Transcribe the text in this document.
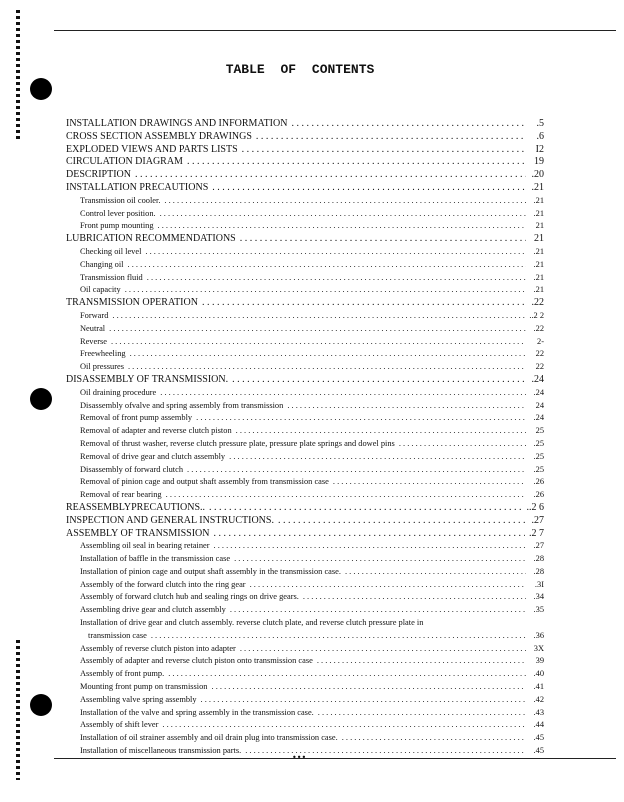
TABLE OF CONTENTS
INSTALLATION DRAWINGS AND INFORMATION . . .	.5
CROSS SECTION ASSEMBLY DRAWINGS . . .	.6
EXPLODED VIEWS AND PARTS LISTS . . .	I2
CIRCULATION DIAGRAM . . .	19
DESCRIPTION . . .	.20
INSTALLATION PRECAUTIONS . . .	.21
Transmission oil cooler. . . .	.21
Control lever position. . . .	.21
Front pump mounting . . .	21
LUBRICATION RECOMMENDATIONS . . .	21
Checking oil level . . .	.21
Changing oil . . .	.21
Transmission fluid . . .	.21
Oil capacity . . .	.21
TRANSMISSION OPERATION . . .	.22
Forward . . .	..2 2
Neutral . . .	.22
Reverse . . .	2-
Freewheeling . . .	22
Oil pressures . . .	22
DISASSEMBLY OF TRANSMISSION. . . .	.24
Oil draining procedure . . .	.24
Disassembly ofvalve and spring assembly from transmission . . .	24
Removal of front pump assembly . . .	.24
Removal of adapter and reverse clutch piston . . .	25
Removal of thrust washer, reverse clutch pressure plate, pressure plate springs and dowel pins . . .	.25
Removal of drive gear and clutch assembly . . .	.25
Disassembly of forward clutch . . .	.25
Removal of pinion cage and output shaft assembly from transmission case . . .	.26
Removal of rear bearing . . .	.26
REASSEMBLYPRECAUTIONS.. . . .	..2 6
INSPECTION AND GENERAL INSTRUCTIONS. . . .	.27
ASSEMBLY OF TRANSMISSION . . .	.2 7
Assembling oil seal in bearing retainer . . .	.27
Installation of baffle in the transmission case . . .	.28
Installation of pinion cage and output shaft assembly in the transmission case. . . .	.28
Assembly of the forward clutch into the ring gear . . .	.3I
Assembly of forward clutch hub and sealing rings on drive gears. . . .	.34
Assembling drive gear and clutch assembly . . .	.35
Installation of drive gear and clutch assembly. reverse clutch plate, and reverse clutch pressure plate in
transmission case . . .	.36
Assembly of reverse clutch piston into adapter . . .	3X
Assembly of adapter and reverse clutch piston onto transmission case . . .	39
Assembly of front pump. . . .	.40
Mounting front pump on transmission . . .	.41
Assembling valve spring assembly . . .	.42
Installation of the valve and spring assembly in the transmission case. . . .	.43
Assembly of shift lever . . .	.44
Installation of oil strainer assembly and oil drain plug into transmission case. . . .	.45
Installation of miscellaneous transmission parts. . . .	.45
•••
